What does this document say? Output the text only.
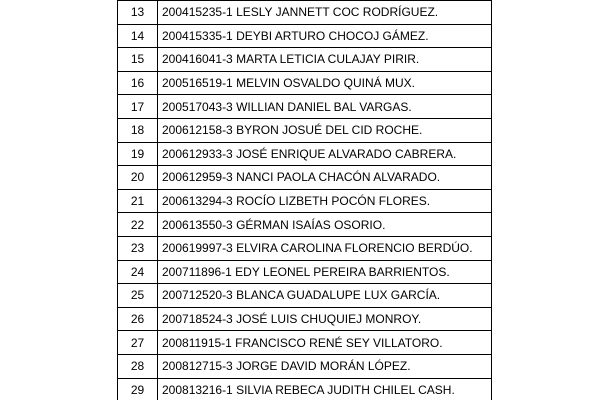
13	200415235-1 LESLY JANNETT COC RODRÍGUEZ.
14	200415335-1 DEYBI ARTURO CHOCOJ GÁMEZ.
15	200416041-3 MARTA LETICIA CULAJAY PIRIR.
16	200516519-1 MELVIN OSVALDO QUINÁ MUX.
17	200517043-3 WILLIAN DANIEL BAL VARGAS.
18	200612158-3 BYRON JOSUÉ DEL CID ROCHE.
19	200612933-3 JOSÉ ENRIQUE ALVARADO CABRERA.
20	200612959-3 NANCI PAOLA CHACÓN ALVARADO.
21	200613294-3 ROCÍO LIZBETH POCÓN FLORES.
22	200613550-3 GÉRMAN ISAÍAS OSORIO.
23	200619997-3 ELVIRA CAROLINA FLORENCIO BERDÚO.
24	200711896-1 EDY LEONEL PEREIRA BARRIENTOS.
25	200712520-3 BLANCA GUADALUPE LUX GARCÍA.
26	200718524-3 JOSÉ LUIS CHUQUIEJ MONROY.
27	200811915-1 FRANCISCO RENÉ SEY VILLATORO.
28	200812715-3 JORGE DAVID MORÁN LÓPEZ.
29	200813216-1 SILVIA REBECA JUDITH CHILEL CASH.
